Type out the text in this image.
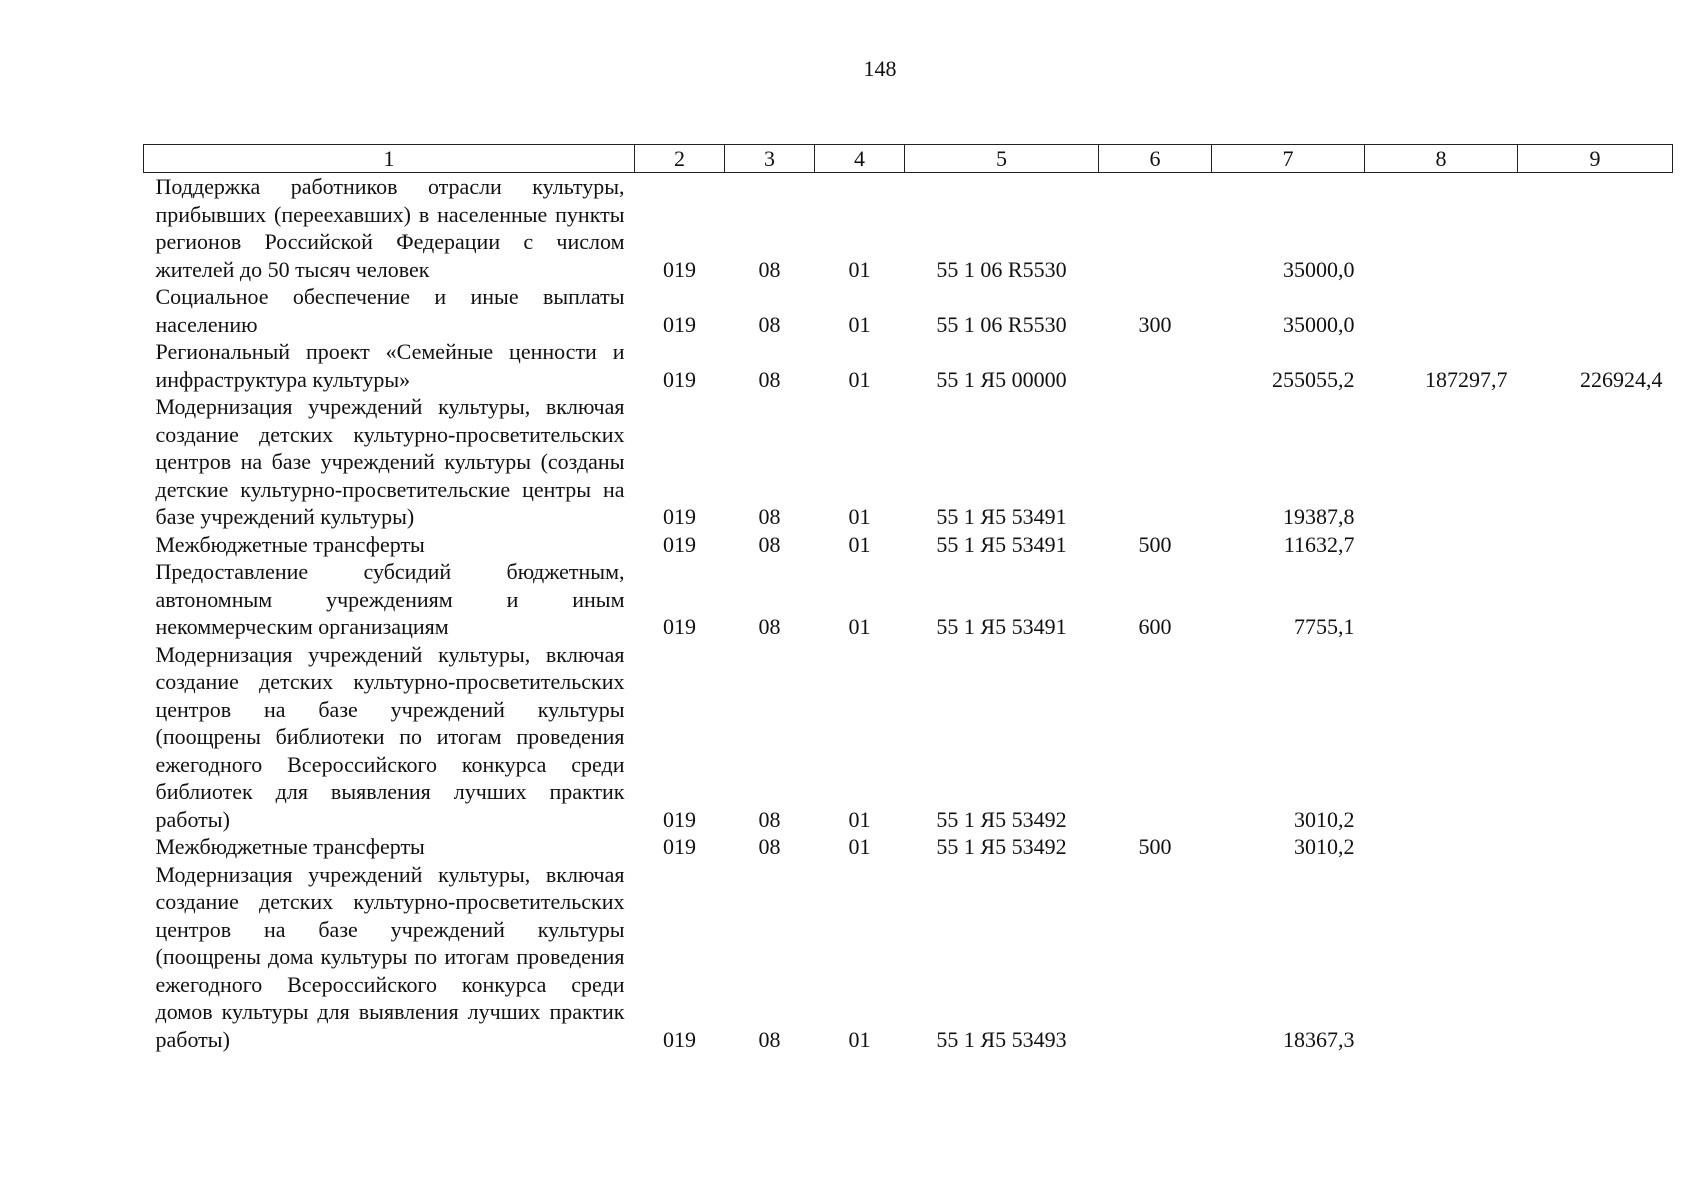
148
1	2	3	4	5	6	7	8	9

Поддержка работников отрасли культуры, прибывших (переехавших) в населенные пункты регионов Российской Федерации с числом жителей до 50 тысяч человек	019	08	01	55 1 06 R5530		35000,0		

Социальное обеспечение и иные выплаты населению	019	08	01	55 1 06 R5530	300	35000,0		

Региональный проект «Семейные ценности и инфраструктура культуры»	019	08	01	55 1 Я5 00000		255055,2	187297,7	226924,4

Модернизация учреждений культуры, включая создание детских культурно-просветительских центров на базе учреждений культуры (созданы детские культурно-просветительские центры на базе учреждений культуры)	019	08	01	55 1 Я5 53491		19387,8		

Межбюджетные трансферты	019	08	01	55 1 Я5 53491	500	11632,7		

Предоставление субсидий бюджетным, автономным учреждениям и иным некоммерческим организациям	019	08	01	55 1 Я5 53491	600	7755,1		

Модернизация учреждений культуры, включая создание детских культурно-просветительских центров на базе учреждений культуры (поощрены библиотеки по итогам проведения ежегодного Всероссийского конкурса среди библиотек для выявления лучших практик работы)	019	08	01	55 1 Я5 53492		3010,2		

Межбюджетные трансферты	019	08	01	55 1 Я5 53492	500	3010,2		

Модернизация учреждений культуры, включая создание детских культурно-просветительских центров на базе учреждений культуры (поощрены дома культуры по итогам проведения ежегодного Всероссийского конкурса среди домов культуры для выявления лучших практик работы)	019	08	01	55 1 Я5 53493		18367,3		
